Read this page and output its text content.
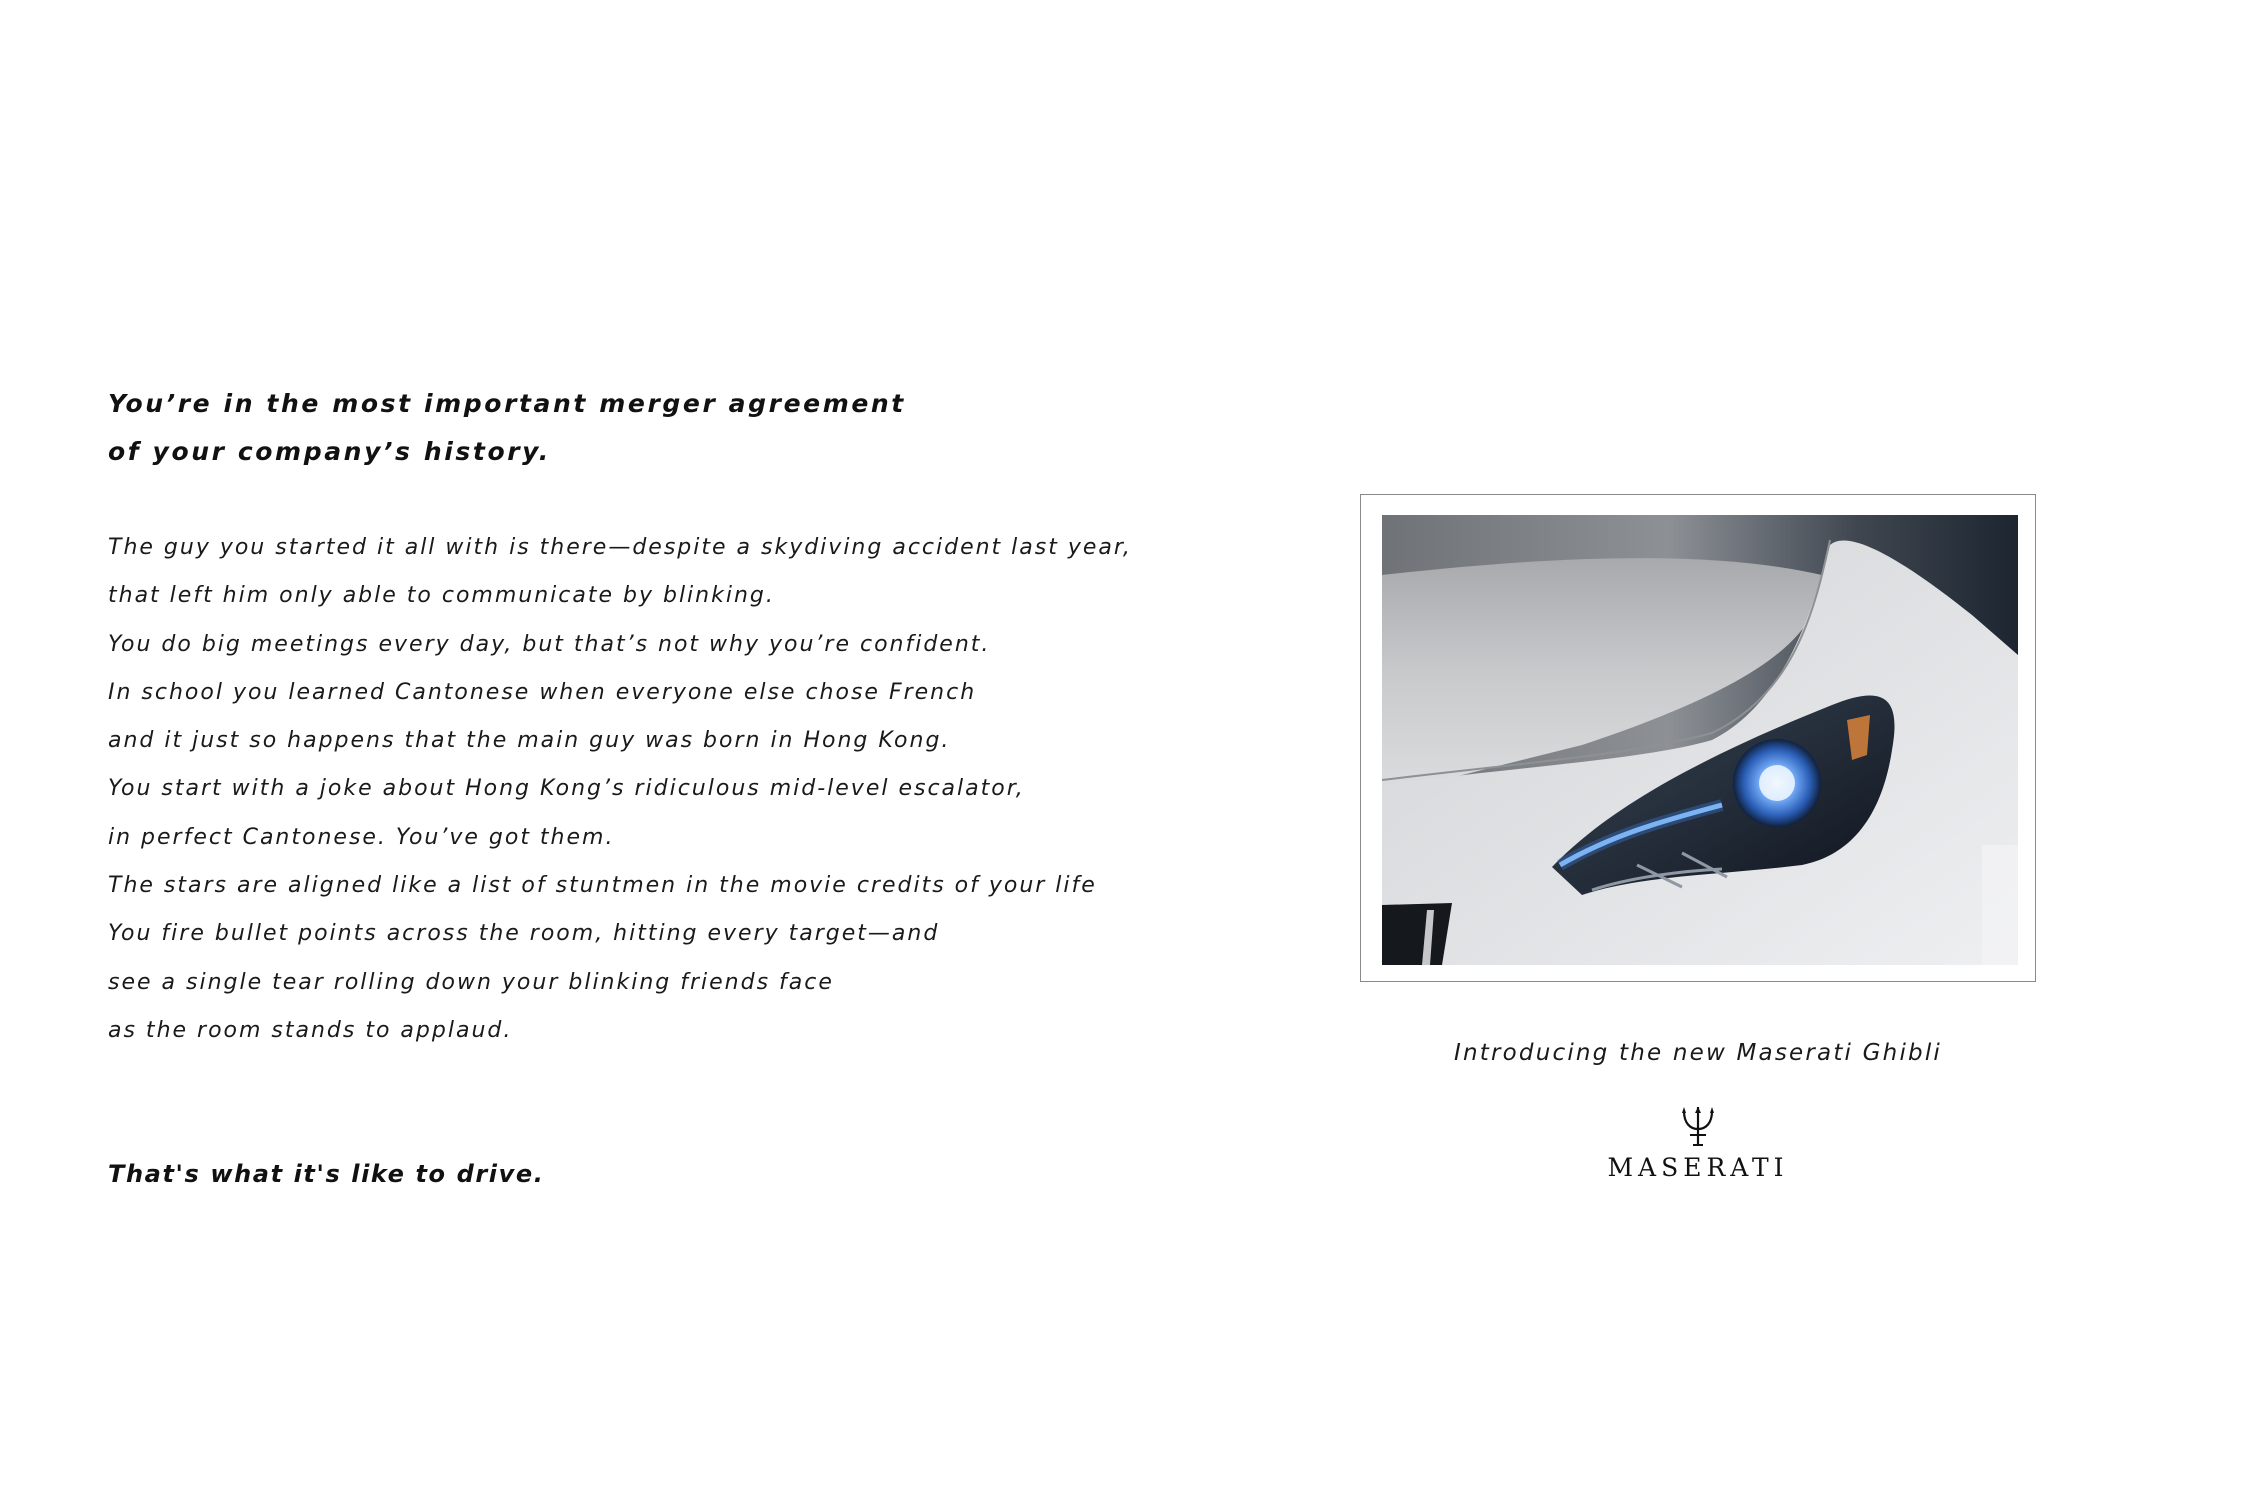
You’re in the most important merger agreement
of your company’s history.

The guy you started it all with is there—despite a skydiving accident last year,
that left him only able to communicate by blinking.
You do big meetings every day, but that’s not why you’re confident.
In school you learned Cantonese when everyone else chose French
and it just so happens that the main guy was born in Hong Kong.
You start with a joke about Hong Kong’s ridiculous mid-level escalator,
in perfect Cantonese. You’ve got them.
The stars are aligned like a list of stuntmen in the movie credits of your life
You fire bullet points across the room, hitting every target—and
see a single tear rolling down your blinking friends face
as the room stands to applaud.

That's what it's like to drive.

Introducing the new Maserati Ghibli
MASERATI
